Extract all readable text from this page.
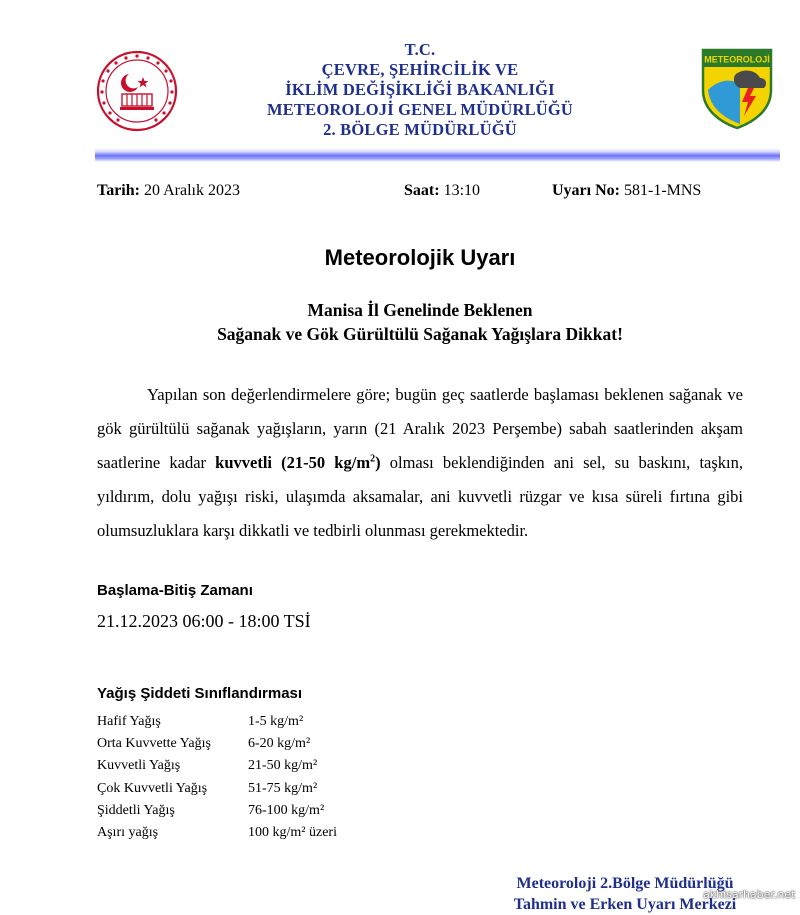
T.C.
ÇEVRE, ŞEHİRCİLİK VE
İKLİM DEĞİŞİKLİĞİ BAKANLIĞI
METEOROLOJİ GENEL MÜDÜRLÜĞÜ
2. BÖLGE MÜDÜRLÜĞÜ
METEOROLOJİ
Tarih: 20 Aralık 2023	Saat: 13:10	Uyarı No: 581-1-MNS
Meteorolojik Uyarı
Manisa İl Genelinde Beklenen
Sağanak ve Gök Gürültülü Sağanak Yağışlara Dikkat!
Yapılan son değerlendirmelere göre; bugün geç saatlerde başlaması beklenen sağanak ve gök gürültülü sağanak yağışların, yarın (21 Aralık 2023 Perşembe) sabah saatlerinden akşam saatlerine kadar kuvvetli (21-50 $kg/m^2$) olması beklendiğinden ani sel, su baskını, taşkın, yıldırım, dolu yağışı riski, ulaşımda aksamalar, ani kuvvetli rüzgar ve kısa süreli fırtına gibi olumsuzluklara karşı dikkatli ve tedbirli olunması gerekmektedir.
Başlama-Bitiş Zamanı
21.12.2023 06:00 - 18:00 TSİ
Yağış Şiddeti Sınıflandırması
Hafif Yağış	1-5 kg/m²
Orta Kuvvette Yağış	6-20 kg/m²
Kuvvetli Yağış	21-50 kg/m²
Çok Kuvvetli Yağış	51-75 kg/m²
Şiddetli Yağış	76-100 kg/m²
Aşırı yağış	100 kg/m² üzeri
Meteoroloji 2.Bölge Müdürlüğü
Tahmin ve Erken Uyarı Merkezi
akhisarhaber.net
